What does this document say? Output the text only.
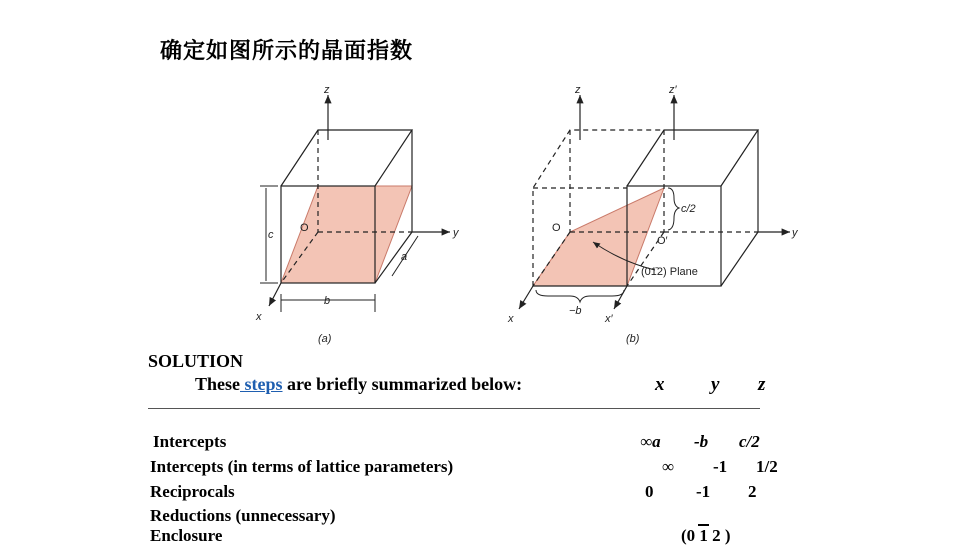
确定如图所示的晶面指数
z
y
x
O
c
a
b
(a)
z	z′
y
x	x′
O
O′
c/2
−b
(01̄2) Plane
(b)
SOLUTION
These steps are briefly summarized below:	x y z
Intercepts	∞a -b c/2
Intercepts (in terms of lattice parameters)	∞ -1 1/2
Reciprocals	0	-1 2
Reductions (unnecessary)
Enclosure	(0 1 2 )
